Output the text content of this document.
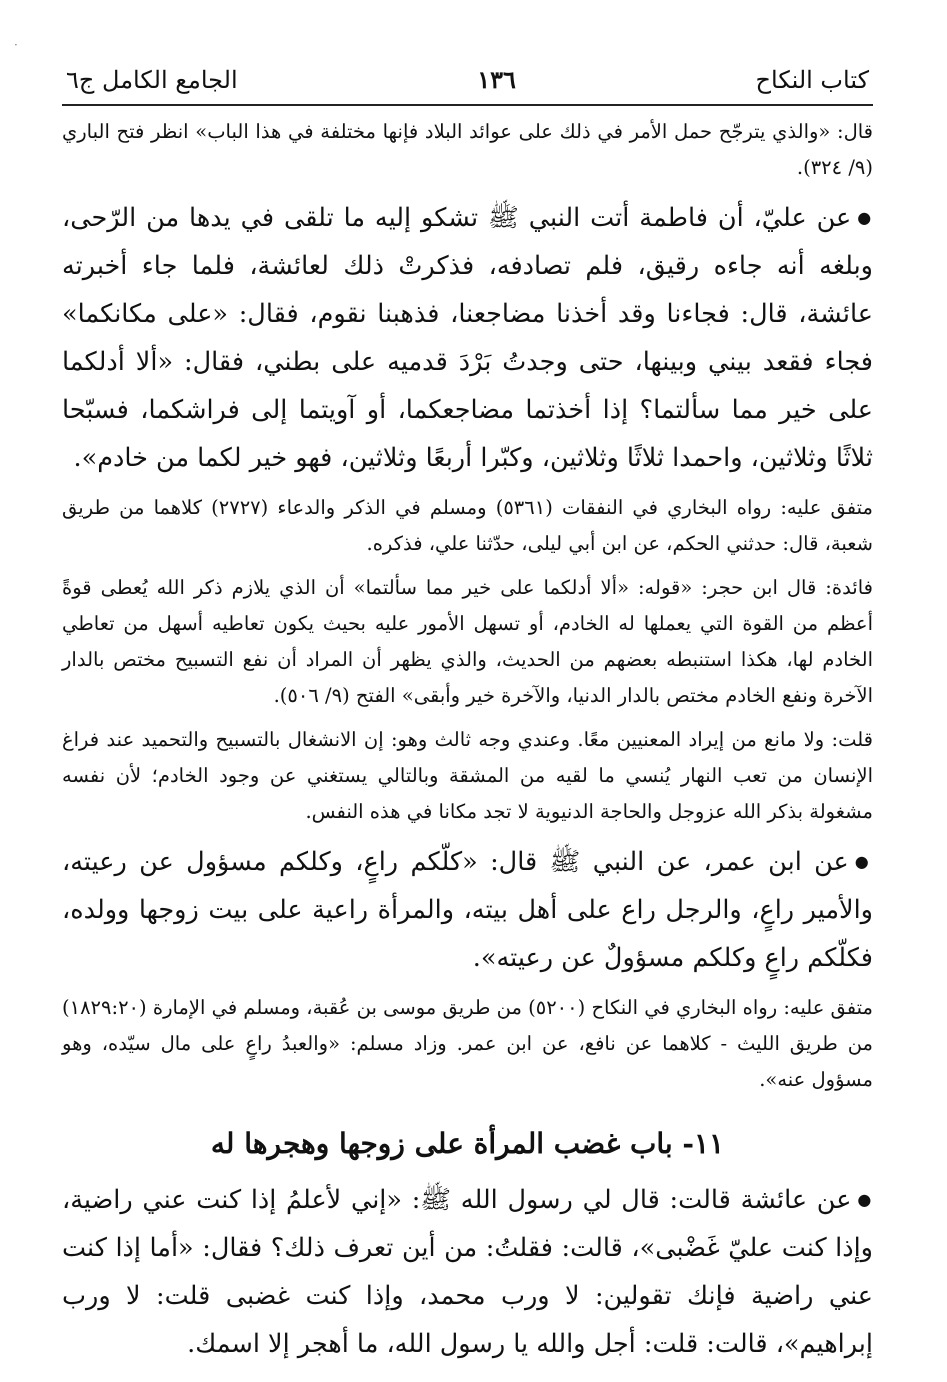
·
كتاب النكاح
١٣٦
الجامع الكامل ج٦

قال: «والذي يترجّح حمل الأمر في ذلك على عوائد البلاد فإنها مختلفة في هذا الباب» انظر فتح الباري (٩/ ٣٢٤).

●عن عليّ، أن فاطمة أتت النبي ﷺ تشكو إليه ما تلقى في يدها من الرّحى، وبلغه أنه جاءه رقيق، فلم تصادفه، فذكرتْ ذلك لعائشة، فلما جاء أخبرته عائشة، قال: فجاءنا وقد أخذنا مضاجعنا، فذهبنا نقوم، فقال: «على مكانكما» فجاء فقعد بيني وبينها، حتى وجدتُ بَرْدَ قدميه على بطني، فقال: «ألا أدلكما على خير مما سألتما؟ إذا أخذتما مضاجعكما، أو آويتما إلى فراشكما، فسبّحا ثلاثًا وثلاثين، واحمدا ثلاثًا وثلاثين، وكبّرا أربعًا وثلاثين، فهو خير لكما من خادم».

متفق عليه: رواه البخاري في النفقات (٥٣٦١) ومسلم في الذكر والدعاء (٢٧٢٧) كلاهما من طريق شعبة، قال: حدثني الحكم، عن ابن أبي ليلى، حدّثنا علي، فذكره.

فائدة: قال ابن حجر: «قوله: «ألا أدلكما على خير مما سألتما» أن الذي يلازم ذكر الله يُعطى قوةً أعظم من القوة التي يعملها له الخادم، أو تسهل الأمور عليه بحيث يكون تعاطيه أسهل من تعاطي الخادم لها، هكذا استنبطه بعضهم من الحديث، والذي يظهر أن المراد أن نفع التسبيح مختص بالدار الآخرة ونفع الخادم مختص بالدار الدنيا، والآخرة خير وأبقى» الفتح (٩/ ٥٠٦).

قلت: ولا مانع من إيراد المعنيين معًا. وعندي وجه ثالث وهو: إن الانشغال بالتسبيح والتحميد عند فراغ الإنسان من تعب النهار يُنسي ما لقيه من المشقة وبالتالي يستغني عن وجود الخادم؛ لأن نفسه مشغولة بذكر الله عزوجل والحاجة الدنيوية لا تجد مكانا في هذه النفس.

●عن ابن عمر، عن النبي ﷺ قال: «كلّكم راعٍ، وكلكم مسؤول عن رعيته، والأمير راعٍ، والرجل راع على أهل بيته، والمرأة راعية على بيت زوجها وولده، فكلّكم راعٍ وكلكم مسؤولٌ عن رعيته».

متفق عليه: رواه البخاري في النكاح (٥٢٠٠) من طريق موسى بن عُقبة، ومسلم في الإمارة (١٨٢٩:٢٠) من طريق الليث - كلاهما عن نافع، عن ابن عمر. وزاد مسلم: «والعبدُ راعٍ على مال سيّده، وهو مسؤول عنه».

١١- باب غضب المرأة على زوجها وهجرها له

●عن عائشة قالت: قال لي رسول الله ﷺ: «إني لأعلمُ إذا كنت عني راضية، وإذا كنت عليّ غَضْبى»، قالت: فقلتُ: من أين تعرف ذلك؟ فقال: «أما إذا كنت عني راضية فإنك تقولين: لا ورب محمد، وإذا كنت غضبى قلت: لا ورب إبراهيم»، قالت: قلت: أجل والله يا رسول الله، ما أهجر إلا اسمك.
